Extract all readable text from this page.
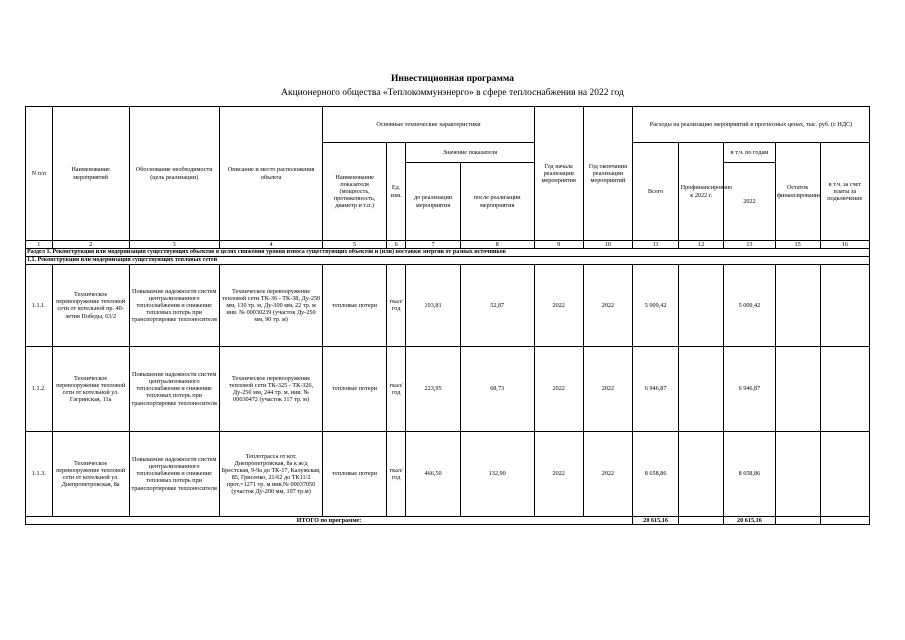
Инвестиционная программа
Акционерного общества «Теплокоммунэнерго» в сфере теплоснабжения на 2022 год
N п/п	Наименование мероприятий	Обоснование необходимости (цель реализации)	Описание и место расположения объекта	Основные технические характеристики				Год начала реализации мероприятия	Год окончания реализации мероприятий	Расходы на реализацию мероприятий в прогнозных ценах, тыс. руб. (с НДС)				
				Наименование показателя (мощность, протяженность, диаметр и т.п.)	Ед. изм.	Значение показателя				Всего	Профинансировано к 2022 г.	в т.ч. по годам	Остаток финансирования	в т.ч. за счет платы за подключение
						до реализации мероприятия	после реализации мероприятия					2022		
1	2	3	4	5	6	7	8	9	10	11	12	13	15	16
Раздел 1. Реконструкция или модернизация существующих объектов в целях снижения уровня износа существующих объектов и (или) поставки энергии от разных источников														
1.1. Реконструкция или модернизация существующих тепловых сетей														
1.1.1.	Техническое перевооружение тепловой сети от котельной пр. 40-летия Победы, 63/2	Повышение надежности систем централизованного теплоснабжения и снижение тепловых потерь при транспортировке теплоносителя	Техническое перевооружение тепловой сети ТК-36 - ТК-38, Ду-250 мм, 130 тр. м, Ду-300 мм, 22 тр. м инв. № 00030239 (участок Ду-250 мм, 90 тр. м)	тепловые потери	гкал/год	193,81	52,87	2022	2022	5 009,42		5 009,42		
1.1.2.	Техническое перевооружение тепловой сети от котельной ул. Гагринская, 11а	Повышение надежности систем централизованного теплоснабжения и снижение тепловых потерь при транспортировке теплоносителя	Техническое перевооружение тепловой сети ТК-325 - ТК-326, Ду-250 мм, 244 тр. м. инв. № 00030472 (участок 117 тр. м)	тепловые потери	гкал/год	223,95	68,73	2022	2022	6 946,87		6 946,87		
1.1.3.	Техническое перевооружение тепловой сети от котельной ул. Днепропетровская, 8а	Повышение надежности систем централизованного теплоснабжения и снижение тепловых потерь при транспортировке теплоносителя	Теплотрасса от кот. Днепропетровская, 8а к ж/д Брестская, 9-9а до ТК-17, Калужская, 85, Грисенко, 21/62 до ТК11/2 прот.=1271 тр. м инв.№ 00037050 (участок Ду-200 мм, 197 тр.м)	тепловые потери	гкал/год	466,50	132,90	2022	2022	8 658,86		8 658,86		
ИТОГО по программе:										20 615,16		20 615,16		
